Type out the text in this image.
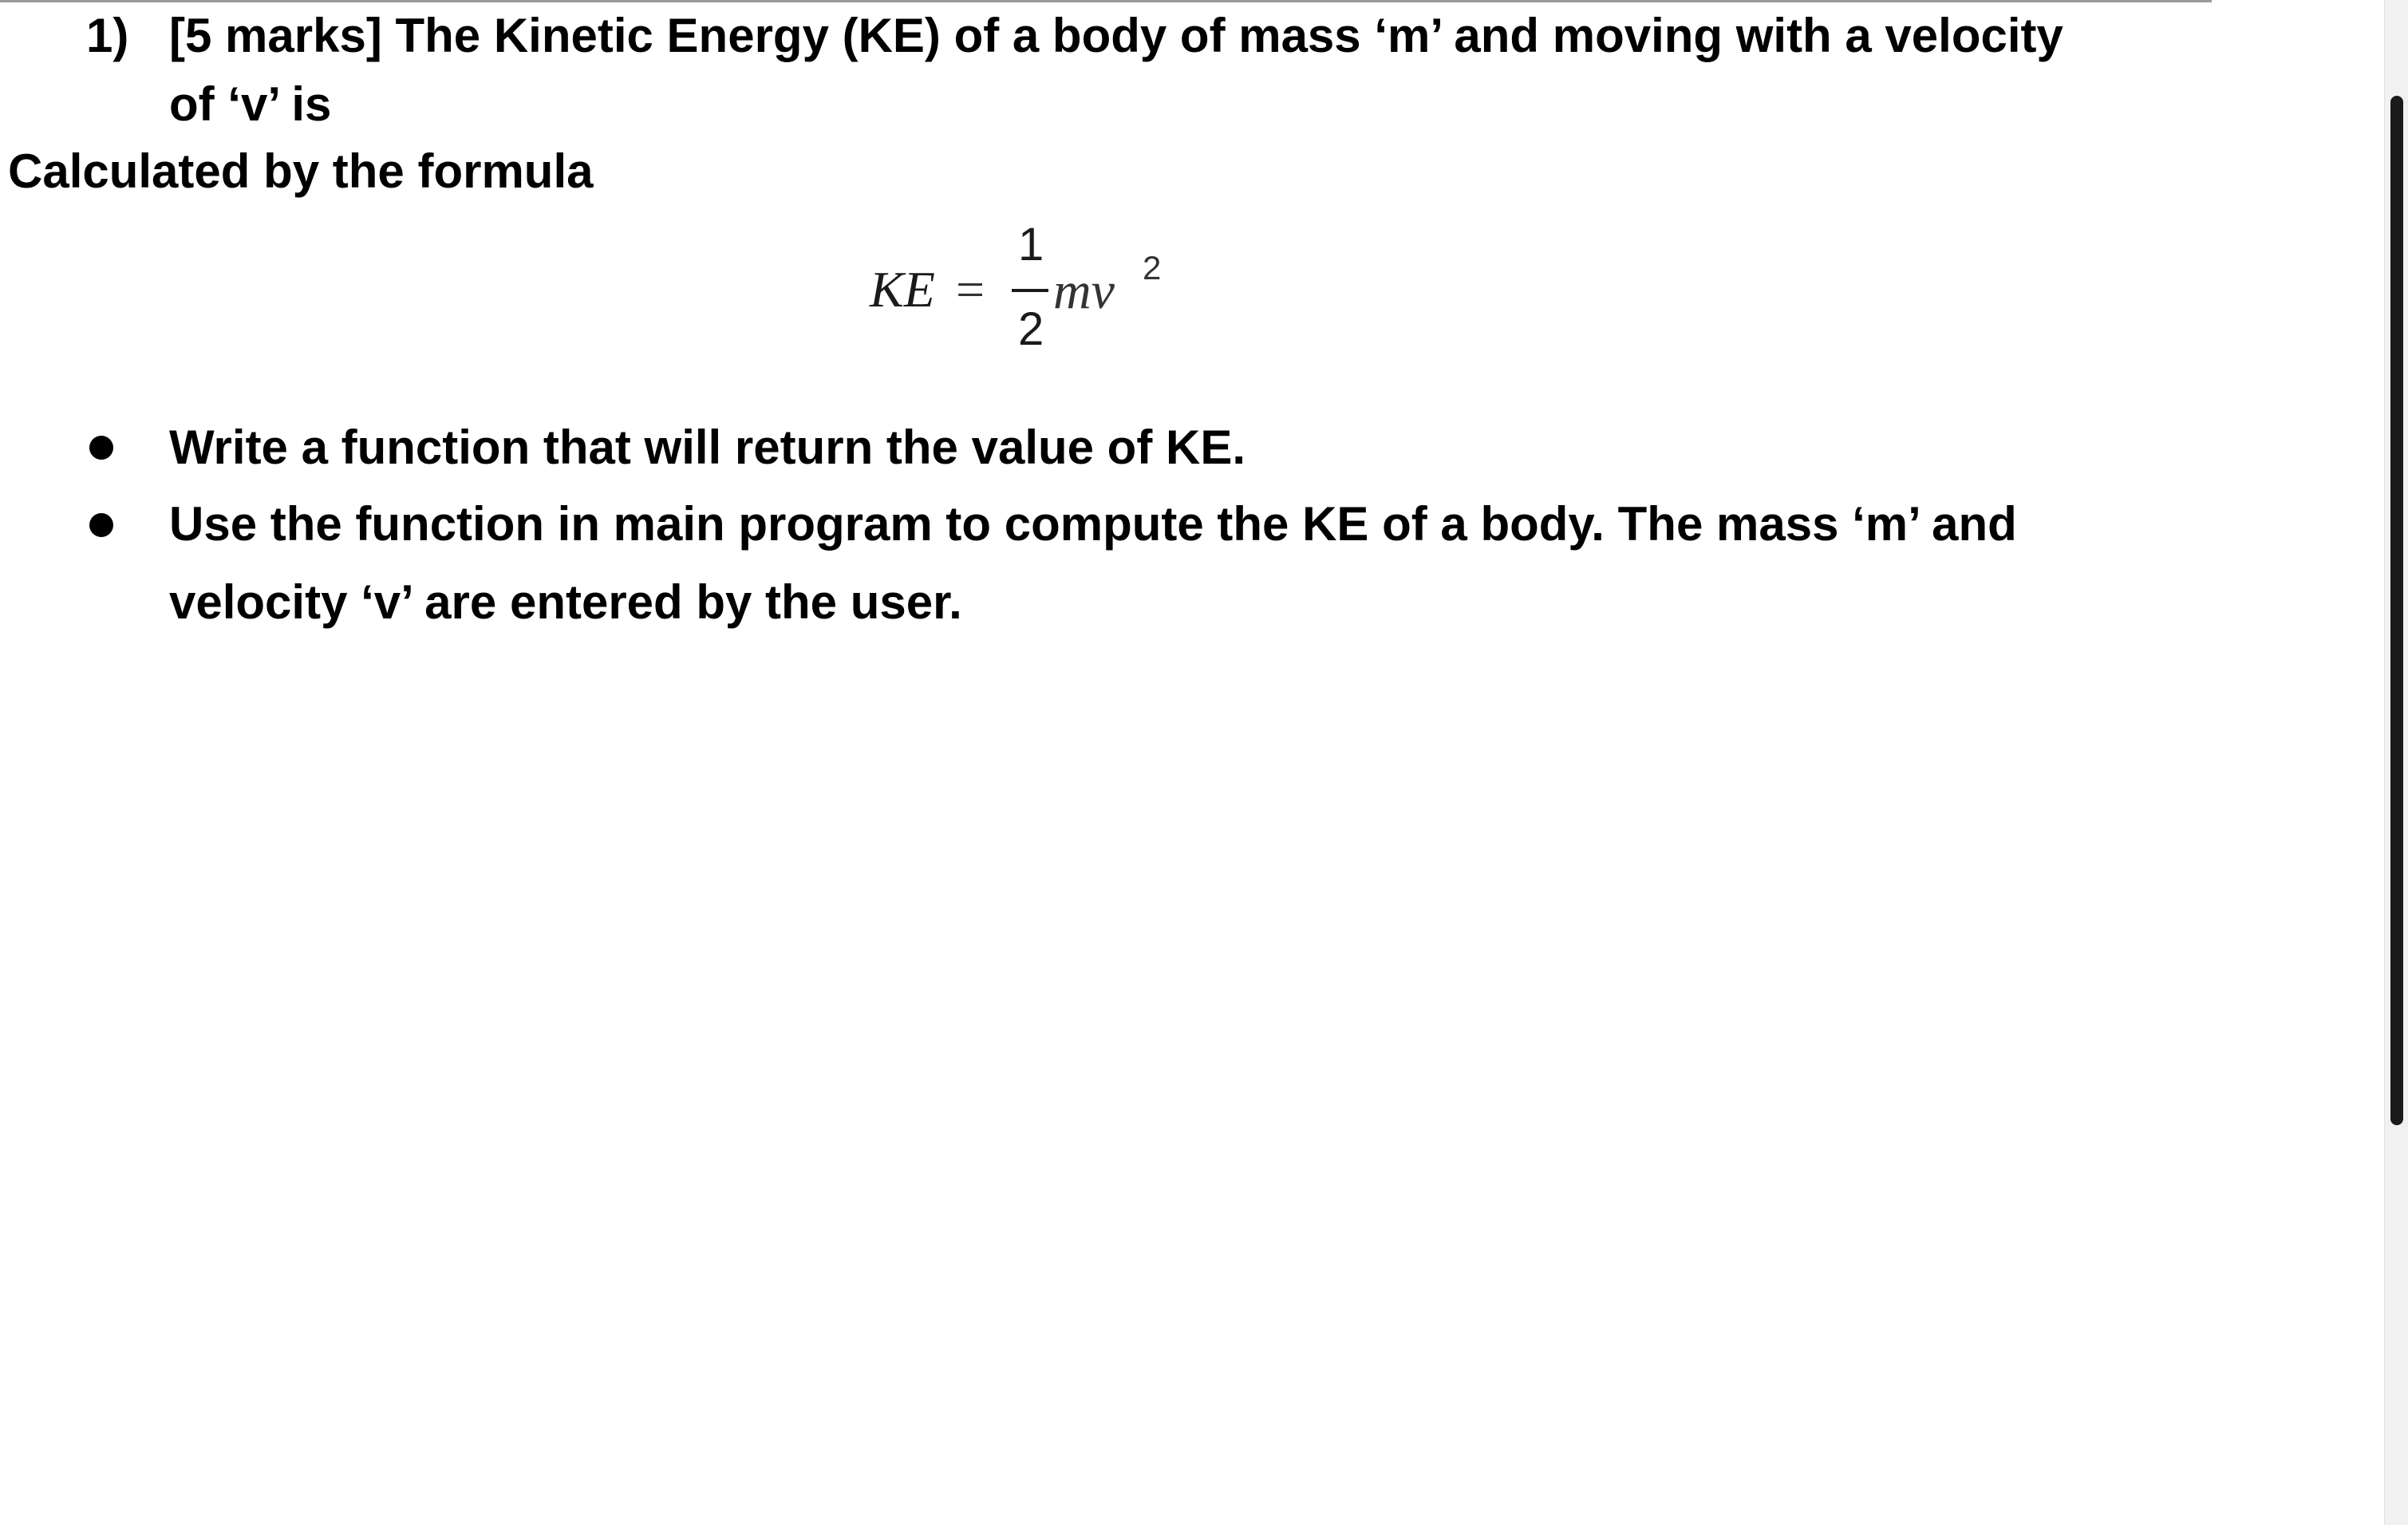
1) [5 marks] The Kinetic Energy (KE) of a body of mass ‘m’ and moving with a velocity
of ‘v’ is
Calculated by the formula
KE =
1
2
mv 2
Write a function that will return the value of KE.
Use the function in main program to compute the KE of a body. The mass ‘m’ and
velocity ‘v’ are entered by the user.
